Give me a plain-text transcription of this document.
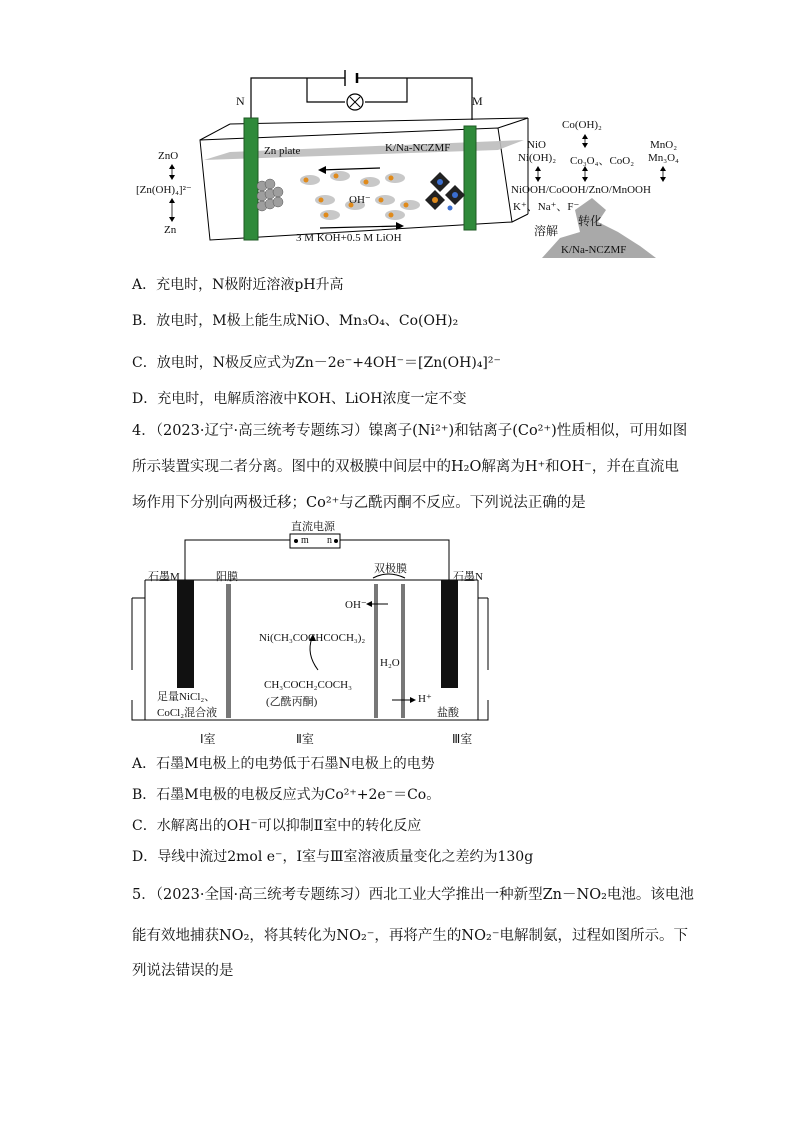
N	M
Zn plate	K/Na-NCZMF
OH⁻
3 M KOH+0.5 M LiOH
ZnO
[Zn(OH)₄]²⁻
Zn
Co(OH)₂
NiO
Ni(OH)₂ Co₃O₄、CoO₂
MnO₂
Mn₃O₄
NiOOH/CoOOH/ZnO/MnOOH
K⁺、Na⁺、F⁻
转化
溶解
K/Na-NCZMF
A．充电时，N极附近溶液pH升高
B．放电时，M极上能生成NiO、Mn₃O₄、Co(OH)₂
C．放电时，N极反应式为Zn－2e⁻+4OH⁻＝[Zn(OH)₄]²⁻
D．充电时，电解质溶液中KOH、LiOH浓度一定不变
4．（2023·辽宁·高三统考专题练习）镍离子(Ni²⁺)和钴离子(Co²⁺)性质相似，可用如图
所示装置实现二者分离。图中的双极膜中间层中的H₂O解离为H⁺和OH⁻，并在直流电
场作用下分别向两极迁移；Co²⁺与乙酰丙酮不反应。下列说法正确的是
直流电源
m n
石墨M	阳膜
双极膜
石墨N
OH⁻
Ni(CH₃COCHCOCH₃)₂
H₂O
CH₃COCH₂COCH₃
(乙酰丙酮)	H⁺
足量NiCl₂、
CoCl₂混合液	盐酸
Ⅰ室	Ⅱ室	Ⅲ室
A．石墨M电极上的电势低于石墨N电极上的电势
B．石墨M电极的电极反应式为Co²⁺+2e⁻＝Co。
C．水解离出的OH⁻可以抑制Ⅱ室中的转化反应
D．导线中流过2mol e⁻，Ⅰ室与Ⅲ室溶液质量变化之差约为130g
5．（2023·全国·高三统考专题练习）西北工业大学推出一种新型Zn－NO₂电池。该电池
能有效地捕获NO₂，将其转化为NO₂⁻，再将产生的NO₂⁻电解制氨，过程如图所示。下
列说法错误的是
